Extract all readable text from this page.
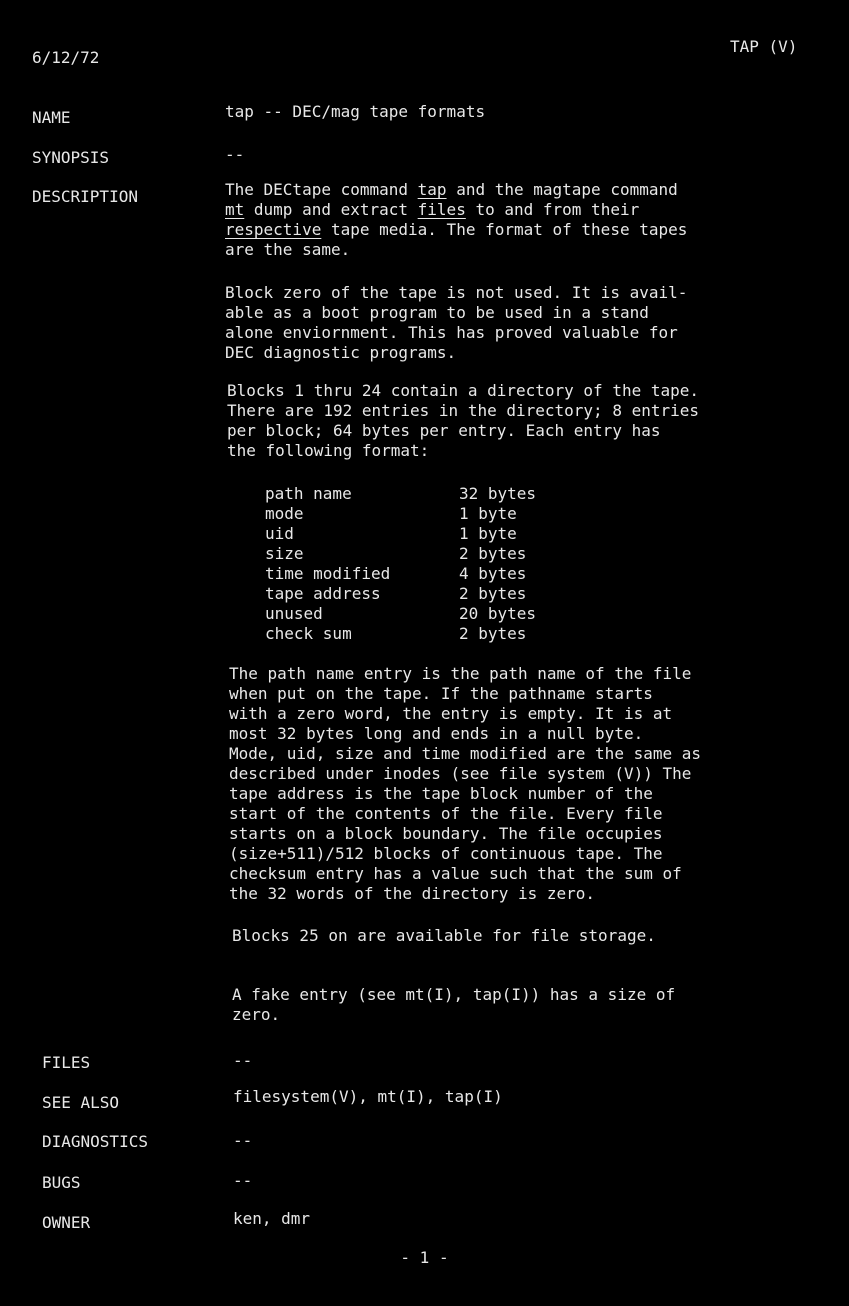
6/12/72
TAP (V)
NAME	tap -- DEC/mag tape formats
SYNOPSIS	--
DESCRIPTION	The DECtape command tap and the magtape command
mt dump and extract files to and from their
respective tape media. The format of these tapes
are the same.
Block zero of the tape is not used. It is avail-
able as a boot program to be used in a stand
alone enviornment. This has proved valuable for
DEC diagnostic programs.
Blocks 1 thru 24 contain a directory of the tape.
There are 192 entries in the directory; 8 entries
per block; 64 bytes per entry. Each entry has
the following format:
path name	32 bytes
mode	1 byte
uid	1 byte
size	2 bytes
time modified	4 bytes
tape address	2 bytes
unused	20 bytes
check sum	2 bytes
The path name entry is the path name of the file
when put on the tape. If the pathname starts
with a zero word, the entry is empty. It is at
most 32 bytes long and ends in a null byte.
Mode, uid, size and time modified are the same as
described under inodes (see file system (V)) The
tape address is the tape block number of the
start of the contents of the file. Every file
starts on a block boundary. The file occupies
(size+511)/512 blocks of continuous tape. The
checksum entry has a value such that the sum of
the 32 words of the directory is zero.
Blocks 25 on are available for file storage.
A fake entry (see mt(I), tap(I)) has a size of
zero.
FILES	--
SEE ALSO	filesystem(V), mt(I), tap(I)
DIAGNOSTICS	--
BUGS	--
OWNER	ken, dmr
- 1 -
